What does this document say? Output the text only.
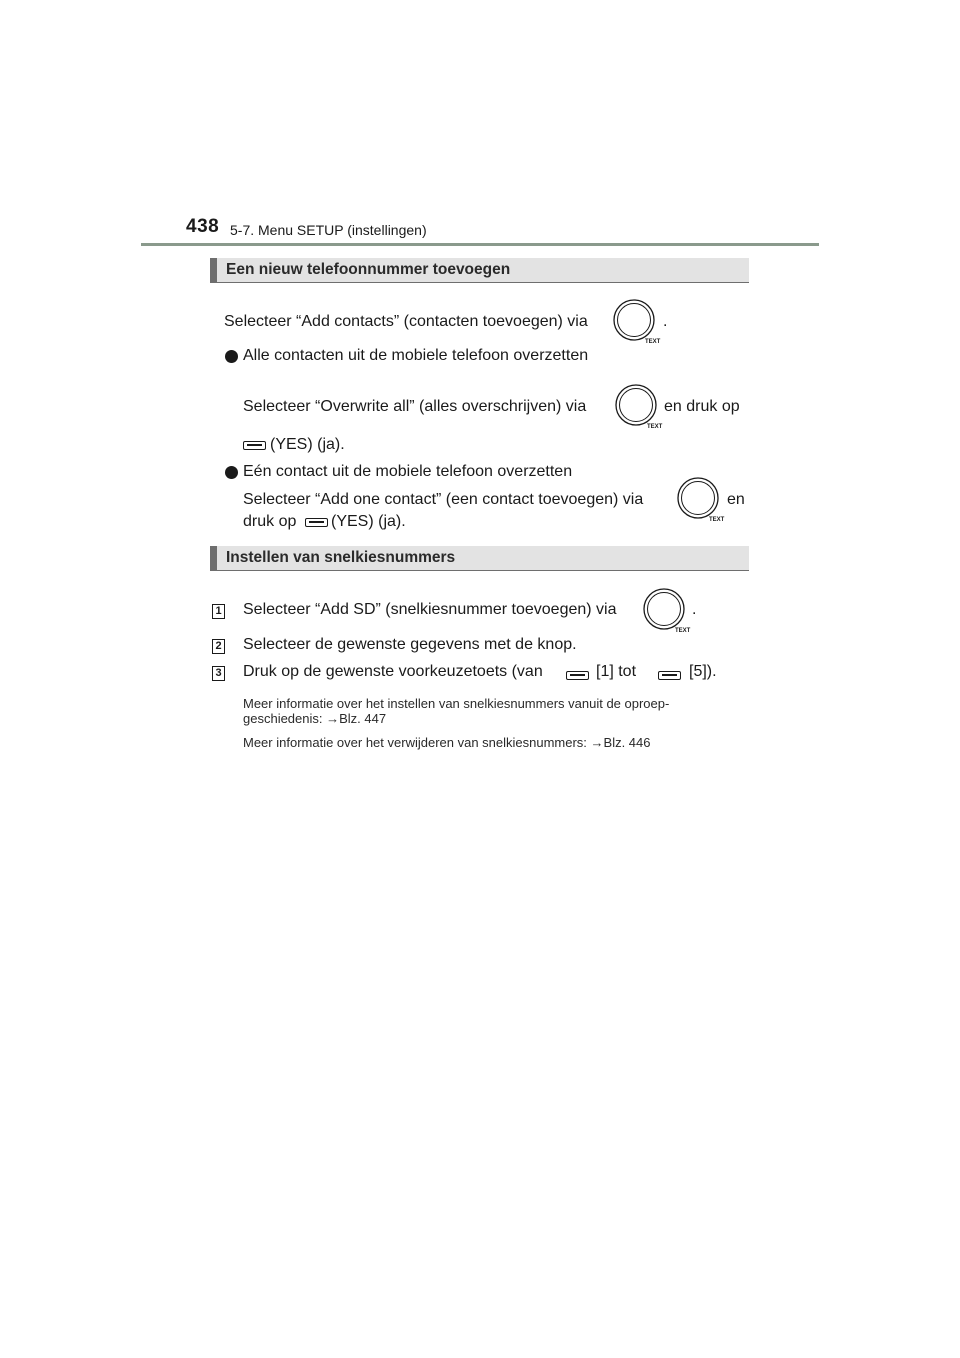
438 5-7. Menu SETUP (instellingen)
Een nieuw telefoonnummer toevoegen
Selecteer “Add contacts” (contacten toevoegen) via
TEXT
.
Alle contacten uit de mobiele telefoon overzetten
Selecteer “Overwrite all” (alles overschrijven) via
TEXT
en druk op
(YES) (ja).
Eén contact uit de mobiele telefoon overzetten
Selecteer “Add one contact” (een contact toevoegen) via
TEXT
en
druk op (YES) (ja).
Instellen van snelkiesnummers
1 Selecteer “Add SD” (snelkiesnummer toevoegen) via
TEXT
.
2 Selecteer de gewenste gegevens met de knop.
3 Druk op de gewenste voorkeuzetoets (van	[1] tot	[5]).
Meer informatie over het instellen van snelkiesnummers vanuit de oproep-
geschiedenis: →Blz. 447
Meer informatie over het verwijderen van snelkiesnummers: →Blz. 446
